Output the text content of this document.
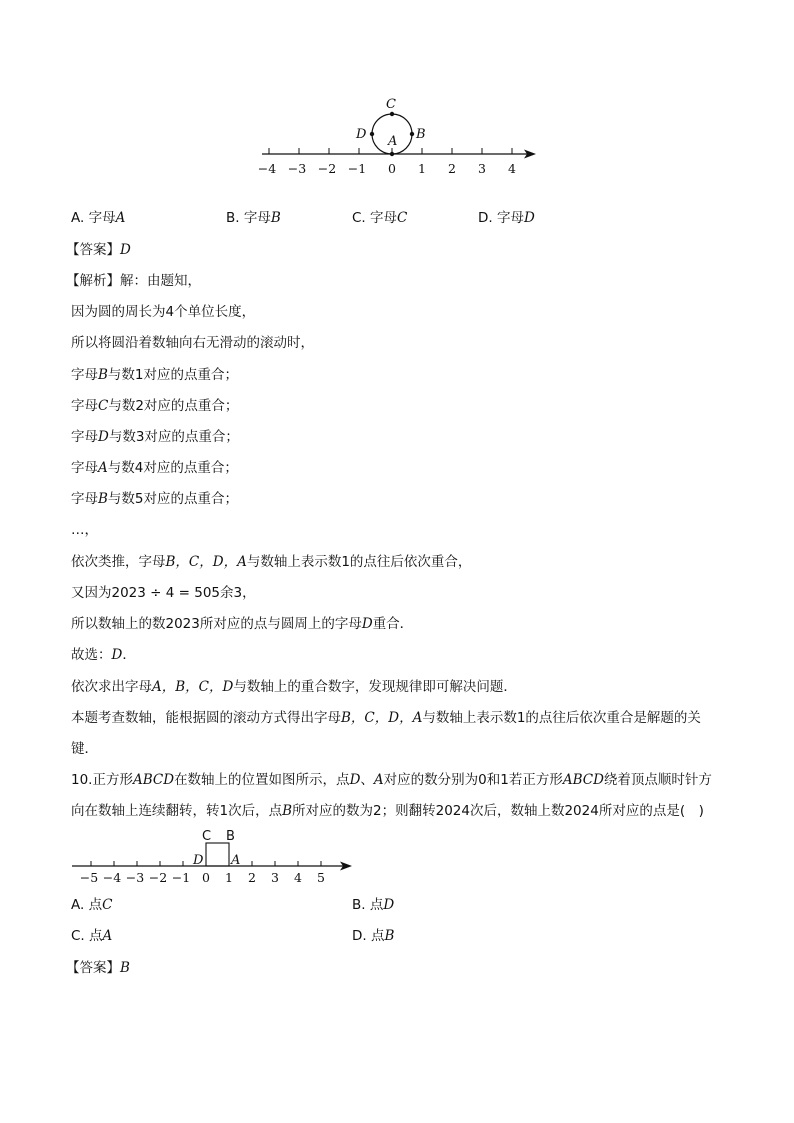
−4 −3 −2 −1 0 1 2 3 4
C
D A B
A. 字母A	B. 字母B	C. 字母C	D. 字母D
【答案】D
【解析】解：由题知，
因为圆的周长为4个单位长度，
所以将圆沿着数轴向右无滑动的滚动时，
字母B与数1对应的点重合；
字母C与数2对应的点重合；
字母D与数3对应的点重合；
字母A与数4对应的点重合；
字母B与数5对应的点重合；
…，
依次类推，字母B，C，D，A与数轴上表示数1的点往后依次重合，
又因为2023 ÷ 4 = 505余3，
所以数轴上的数2023所对应的点与圆周上的字母D重合．
故选：D．
依次求出字母A，B，C，D与数轴上的重合数字，发现规律即可解决问题．
本题考查数轴，能根据圆的滚动方式得出字母B，C，D，A与数轴上表示数1的点往后依次重合是解题的关
键．
10.正方形ABCD在数轴上的位置如图所示，点D、A对应的数分别为0和1若正方形ABCD绕着顶点顺时针方
向在数轴上连续翻转，转1次后，点B所对应的数为2；则翻转2024次后，数轴上数2024所对应的点是(　)
−5 −4 −3 −2 −1 0 1 2 3 4 5
C B
D A
A. 点C	B. 点D
C. 点A	D. 点B
【答案】B
